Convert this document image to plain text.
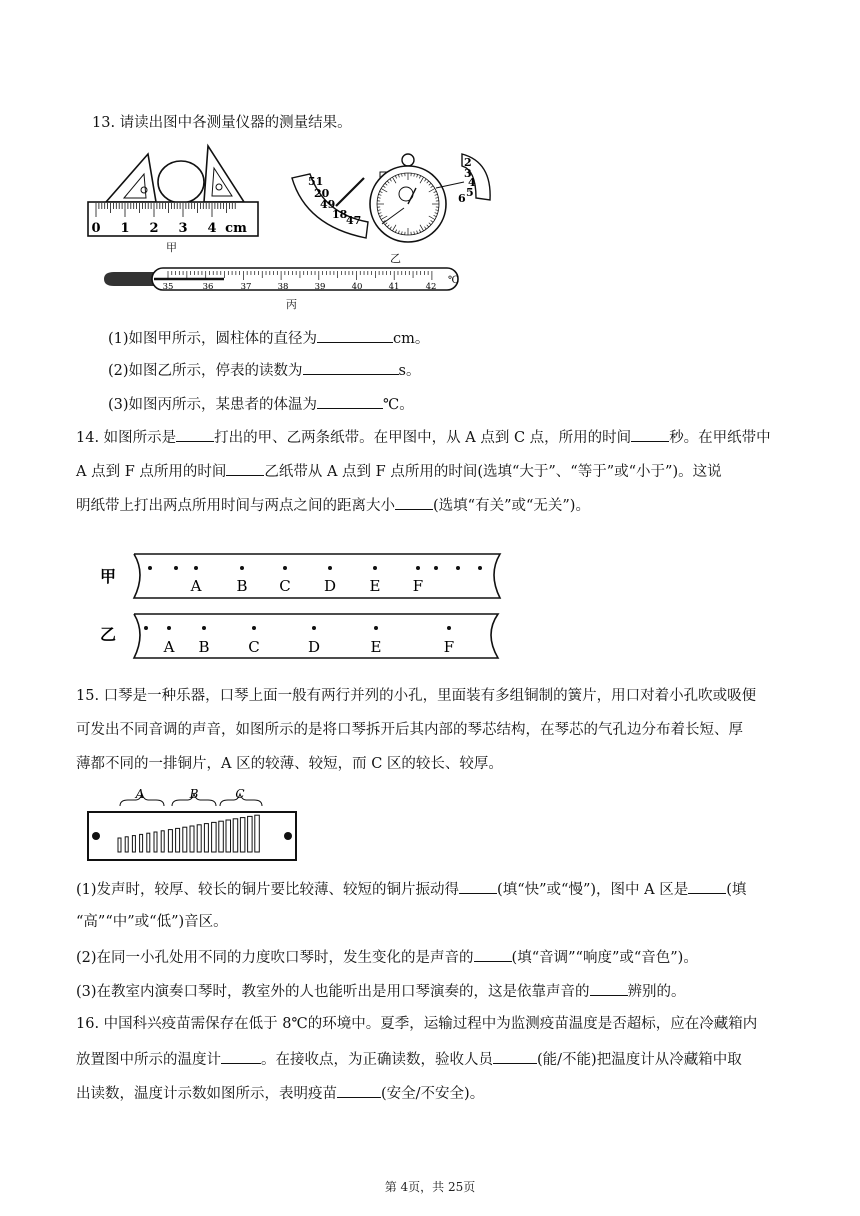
13. 请读出图中各测量仪器的测量结果。
0 1 2 3 4 cm
甲
51
20
49
18
47
2
3
4
5
6
乙
35	36	37	38	39	40	41	42
℃
丙
(1)如图甲所示，圆柱体的直径为	cm。
(2)如图乙所示，停表的读数为	s。
(3)如图丙所示，某患者的体温为	℃。
14. 如图所示是	打出的甲、乙两条纸带。在甲图中，从 A 点到 C 点，所用的时间	秒。在甲纸带中
A 点到 F 点所用的时间	乙纸带从 A 点到 F 点所用的时间(选填“大于”、“等于”或“小于”)。这说
明纸带上打出两点所用时间与两点之间的距离大小	(选填“有关”或“无关”)。
甲
乙
A B C D E F
A B	C	D	E	F
15. 口琴是一种乐器，口琴上面一般有两行并列的小孔，里面装有多组铜制的簧片，用口对着小孔吹或吸便
可发出不同音调的声音，如图所示的是将口琴拆开后其内部的琴芯结构，在琴芯的气孔边分布着长短、厚
薄都不同的一排铜片，A 区的较薄、较短，而 C 区的较长、较厚。
A	B	C
(1)发声时，较厚、较长的铜片要比较薄、较短的铜片振动得	(填“快”或“慢”)，图中 A 区是	(填
“高”“中”或“低”)音区。
(2)在同一小孔处用不同的力度吹口琴时，发生变化的是声音的	(填“音调”“响度”或“音色”)。
(3)在教室内演奏口琴时，教室外的人也能听出是用口琴演奏的，这是依靠声音的	辨别的。
16. 中国科兴疫苗需保存在低于 8℃的环境中。夏季，运输过程中为监测疫苗温度是否超标，应在冷藏箱内
放置图中所示的温度计	。在接收点，为正确读数，验收人员	(能/不能)把温度计从冷藏箱中取
出读数，温度计示数如图所示，表明疫苗	(安全/不安全)。
第 4页，共 25页
